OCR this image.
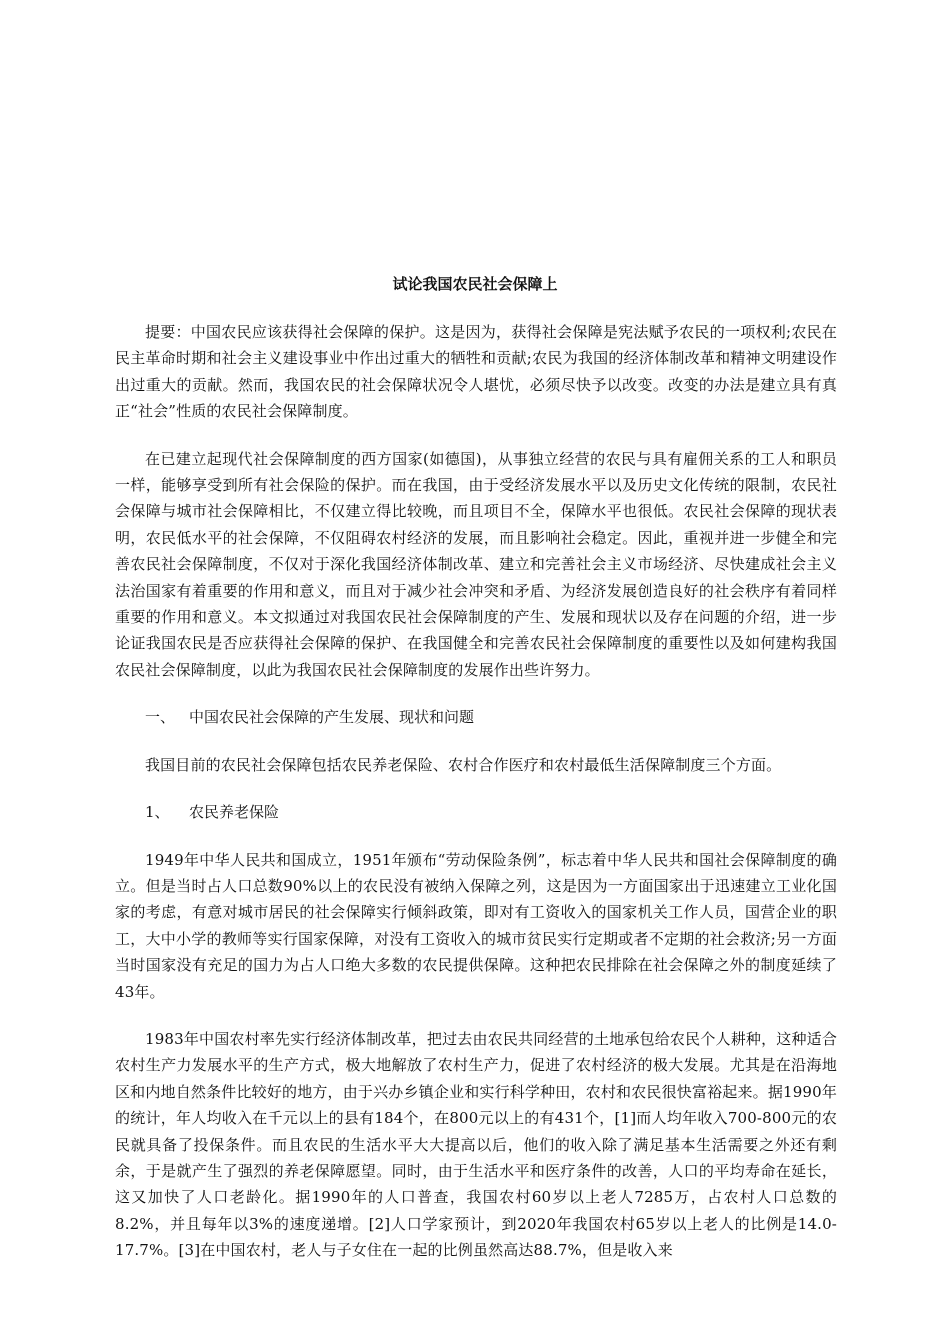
试论我国农民社会保障上

提要：中国农民应该获得社会保障的保护。这是因为，获得社会保障是宪法赋予农民的一项权利;农民在民主革命时期和社会主义建设事业中作出过重大的牺牲和贡献;农民为我国的经济体制改革和精神文明建设作出过重大的贡献。然而，我国农民的社会保障状况令人堪忧，必须尽快予以改变。改变的办法是建立具有真正“社会”性质的农民社会保障制度。

在已建立起现代社会保障制度的西方国家(如德国)，从事独立经营的农民与具有雇佣关系的工人和职员一样，能够享受到所有社会保险的保护。而在我国，由于受经济发展水平以及历史文化传统的限制，农民社会保障与城市社会保障相比，不仅建立得比较晚，而且项目不全，保障水平也很低。农民社会保障的现状表明，农民低水平的社会保障，不仅阻碍农村经济的发展，而且影响社会稳定。因此，重视并进一步健全和完善农民社会保障制度，不仅对于深化我国经济体制改革、建立和完善社会主义市场经济、尽快建成社会主义法治国家有着重要的作用和意义，而且对于减少社会冲突和矛盾、为经济发展创造良好的社会秩序有着同样重要的作用和意义。本文拟通过对我国农民社会保障制度的产生、发展和现状以及存在问题的介绍，进一步论证我国农民是否应获得社会保障的保护、在我国健全和完善农民社会保障制度的重要性以及如何建构我国农民社会保障制度，以此为我国农民社会保障制度的发展作出些许努力。

一、 中国农民社会保障的产生发展、现状和问题

我国目前的农民社会保障包括农民养老保险、农村合作医疗和农村最低生活保障制度三个方面。

1、 农民养老保险

1949年中华人民共和国成立，1951年颁布“劳动保险条例”，标志着中华人民共和国社会保障制度的确立。但是当时占人口总数90%以上的农民没有被纳入保障之列，这是因为一方面国家出于迅速建立工业化国家的考虑，有意对城市居民的社会保障实行倾斜政策，即对有工资收入的国家机关工作人员，国营企业的职工，大中小学的教师等实行国家保障，对没有工资收入的城市贫民实行定期或者不定期的社会救济;另一方面当时国家没有充足的国力为占人口绝大多数的农民提供保障。这种把农民排除在社会保障之外的制度延续了43年。

1983年中国农村率先实行经济体制改革，把过去由农民共同经营的土地承包给农民个人耕种，这种适合农村生产力发展水平的生产方式，极大地解放了农村生产力，促进了农村经济的极大发展。尤其是在沿海地区和内地自然条件比较好的地方，由于兴办乡镇企业和实行科学种田，农村和农民很快富裕起来。据1990年的统计，年人均收入在千元以上的县有184个，在800元以上的有431个，[1]而人均年收入700-800元的农民就具备了投保条件。而且农民的生活水平大大提高以后，他们的收入除了满足基本生活需要之外还有剩余，于是就产生了强烈的养老保障愿望。同时，由于生活水平和医疗条件的改善，人口的平均寿命在延长，这又加快了人口老龄化。据1990年的人口普查，我国农村60岁以上老人7285万，占农村人口总数的8.2%，并且每年以3%的速度递增。[2]人口学家预计，到2020年我国农村65岁以上老人的比例是14.0-17.7%。[3]在中国农村，老人与子女住在一起的比例虽然高达88.7%，但是收入来
